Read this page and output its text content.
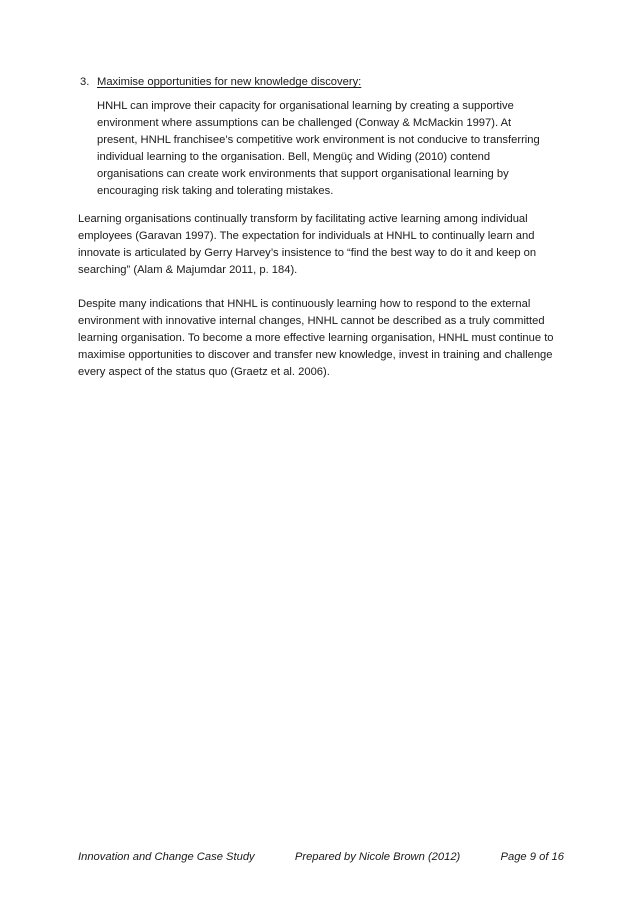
3. Maximise opportunities for new knowledge discovery:

HNHL can improve their capacity for organisational learning by creating a supportive environment where assumptions can be challenged (Conway & McMackin 1997). At present, HNHL franchisee’s competitive work environment is not conducive to transferring individual learning to the organisation. Bell, Mengüç and Widing (2010) contend organisations can create work environments that support organisational learning by encouraging risk taking and tolerating mistakes.

Learning organisations continually transform by facilitating active learning among individual employees (Garavan 1997). The expectation for individuals at HNHL to continually learn and innovate is articulated by Gerry Harvey’s insistence to “find the best way to do it and keep on searching” (Alam & Majumdar 2011, p. 184).

Despite many indications that HNHL is continuously learning how to respond to the external environment with innovative internal changes, HNHL cannot be described as a truly committed learning organisation. To become a more effective learning organisation, HNHL must continue to maximise opportunities to discover and transfer new knowledge, invest in training and challenge every aspect of the status quo (Graetz et al. 2006).

Innovation and Change Case Study	Prepared by Nicole Brown (2012)	Page 9 of 16
